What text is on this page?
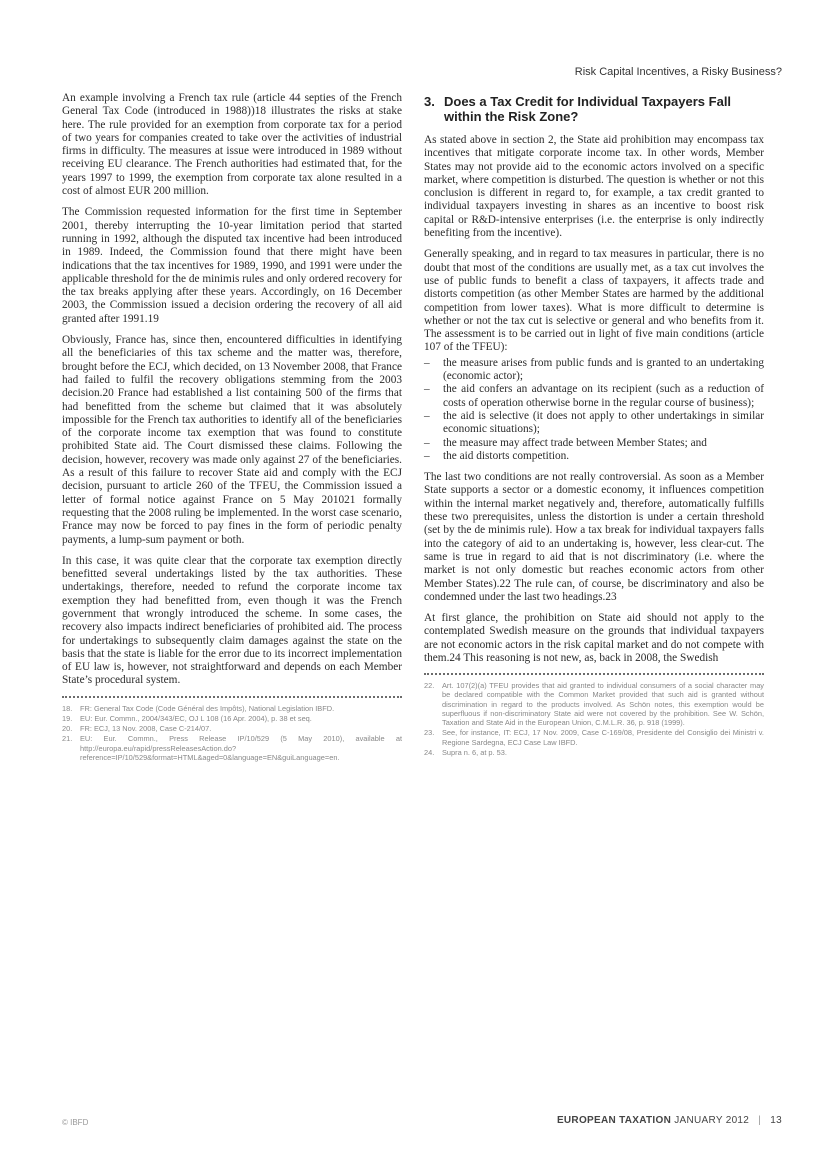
Risk Capital Incentives, a Risky Business?

An example involving a French tax rule (article 44 septies of the French General Tax Code (introduced in 1988))18 illustrates the risks at stake here. The rule provided for an exemption from corporate tax for a period of two years for companies created to take over the activities of industrial firms in difficulty. The measures at issue were introduced in 1989 without receiving EU clearance. The French authorities had estimated that, for the years 1997 to 1999, the exemption from corporate tax alone resulted in a cost of almost EUR 200 million.

The Commission requested information for the first time in September 2001, thereby interrupting the 10-year limitation period that started running in 1992, although the disputed tax incentive had been introduced in 1989. Indeed, the Commission found that there might have been indications that the tax incentives for 1989, 1990, and 1991 were under the applicable threshold for the de minimis rules and only ordered recovery for the tax breaks applying after these years. Accordingly, on 16 December 2003, the Commission issued a decision ordering the recovery of all aid granted after 1991.19

Obviously, France has, since then, encountered difficulties in identifying all the beneficiaries of this tax scheme and the matter was, therefore, brought before the ECJ, which decided, on 13 November 2008, that France had failed to fulfil the recovery obligations stemming from the 2003 decision.20 France had established a list containing 500 of the firms that had benefitted from the scheme but claimed that it was absolutely impossible for the French tax authorities to identify all of the beneficiaries of the corporate income tax exemption that was found to constitute prohibited State aid. The Court dismissed these claims. Following the decision, however, recovery was made only against 27 of the beneficiaries. As a result of this failure to recover State aid and comply with the ECJ decision, pursuant to article 260 of the TFEU, the Commission issued a letter of formal notice against France on 5 May 201021 formally requesting that the 2008 ruling be implemented. In the worst case scenario, France may now be forced to pay fines in the form of periodic penalty payments, a lump-sum payment or both.

In this case, it was quite clear that the corporate tax exemption directly benefitted several undertakings listed by the tax authorities. These undertakings, therefore, needed to refund the corporate income tax exemption they had benefitted from, even though it was the French government that wrongly introduced the scheme. In some cases, the recovery also impacts indirect beneficiaries of prohibited aid. The process for undertakings to subsequently claim damages against the state on the basis that the state is liable for the error due to its incorrect implementation of EU law is, however, not straightforward and depends on each Member State’s procedural system.

18.	FR: General Tax Code (Code Général des Impôts), National Legislation IBFD.
19.	EU: Eur. Commn., 2004/343/EC, OJ L 108 (16 Apr. 2004), p. 38 et seq.
20.	FR: ECJ, 13 Nov. 2008, Case C-214/07.
21.	EU: Eur. Commn., Press Release IP/10/529 (5 May 2010), available at http://europa.eu/rapid/pressReleasesAction.do?reference=IP/10/529&format=HTML&aged=0&language=EN&guiLanguage=en.
3. Does a Tax Credit for Individual Taxpayers Fall within the Risk Zone?

As stated above in section 2, the State aid prohibition may encompass tax incentives that mitigate corporate income tax. In other words, Member States may not provide aid to the economic actors involved on a specific market, where competition is disturbed. The question is whether or not this conclusion is different in regard to, for example, a tax credit granted to individual taxpayers investing in shares as an incentive to boost risk capital or R&D-intensive enterprises (i.e. the enterprise is only indirectly benefiting from the incentive).

Generally speaking, and in regard to tax measures in particular, there is no doubt that most of the conditions are usually met, as a tax cut involves the use of public funds to benefit a class of taxpayers, it affects trade and distorts competition (as other Member States are harmed by the additional competition from lower taxes). What is more difficult to determine is whether or not the tax cut is selective or general and who benefits from it. The assessment is to be carried out in light of five main conditions (article 107 of the TFEU):

– the measure arises from public funds and is granted to an undertaking (economic actor);
– the aid confers an advantage on its recipient (such as a reduction of costs of operation otherwise borne in the regular course of business);
– the aid is selective (it does not apply to other undertakings in similar economic situations);
– the measure may affect trade between Member States; and
– the aid distorts competition.

The last two conditions are not really controversial. As soon as a Member State supports a sector or a domestic economy, it influences competition within the internal market negatively and, therefore, automatically fulfills these two prerequisites, unless the distortion is under a certain threshold (set by the de minimis rule). How a tax break for individual taxpayers falls into the category of aid to an undertaking is, however, less clear-cut. The same is true in regard to aid that is not discriminatory (i.e. where the market is not only domestic but reaches economic actors from other Member States).22 The rule can, of course, be discriminatory and also be condemned under the last two headings.23

At first glance, the prohibition on State aid should not apply to the contemplated Swedish measure on the grounds that individual taxpayers are not economic actors in the risk capital market and do not compete with them.24 This reasoning is not new, as, back in 2008, the Swedish

22.	Art. 107(2)(a) TFEU provides that aid granted to individual consumers of a social character may be declared compatible with the Common Market provided that such aid is granted without discrimination in regard to the products involved. As Schön notes, this exemption would be superfluous if non-discriminatory State aid were not covered by the prohibition. See W. Schön, Taxation and State Aid in the European Union, C.M.L.R. 36, p. 918 (1999).
23.	See, for instance, IT: ECJ, 17 Nov. 2009, Case C-169/08, Presidente del Consiglio dei Ministri v. Regione Sardegna, ECJ Case Law IBFD.
24.	Supra n. 6, at p. 53.
© IBFD	EUROPEAN TAXATION JANUARY 2012 | 13
